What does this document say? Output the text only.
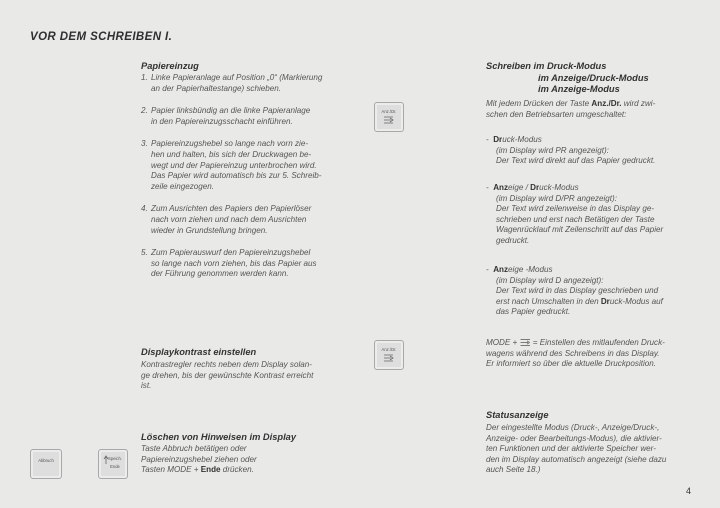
VOR DEM SCHREIBEN I.
Papiereinzug
1. Linke Papieranlage auf Position „0“ (Markierung
an der Papierhaltestange) schieben.
2. Papier linksbündig an die linke Papieranlage
in den Papiereinzugsschacht einführen.
3. Papiereinzugshebel so lange nach vorn zie-
hen und halten, bis sich der Druckwagen be-
wegt und der Papiereinzug unterbrochen wird.
Das Papier wird automatisch bis zur 5. Schreib-
zeile eingezogen.
4. Zum Ausrichten des Papiers den Papierlöser
nach vorn ziehen und nach dem Ausrichten
wieder in Grundstellung bringen.
5. Zum Papierauswurf den Papiereinzugshebel
so lange nach vorn ziehen, bis das Papier aus
der Führung genommen werden kann.
Displaykontrast einstellen
Kontrastregler rechts neben dem Display solan-
ge drehen, bis der gewünschte Kontrast erreicht
ist.
Löschen von Hinweisen im Display
Taste Abbruch betätigen oder
Papiereinzugshebel ziehen oder
Tasten MODE + Ende drücken.
Anz./Dr.
Anz./Dr.
Abbruch	Speich.
Ende
Schreiben im Druck-Modus
im Anzeige/Druck-Modus
im Anzeige-Modus
Mit jedem Drücken der Taste Anz./Dr. wird zwi-
schen den Betriebsarten umgeschaltet:
- Druck-Modus
(im Display wird PR angezeigt):
Der Text wird direkt auf das Papier gedruckt.
- Anzeige / Druck-Modus
(im Display wird D/PR angezeigt):
Der Text wird zeilenweise in das Display ge-
schrieben und erst nach Betätigen der Taste
Wagenrücklauf mit Zeilenschritt auf das Papier
gedruckt.
- Anzeige -Modus
(im Display wird D angezeigt):
Der Text wird in das Display geschrieben und
erst nach Umschalten in den Druck-Modus auf
das Papier gedruckt.
MODE +  = Einstellen des mitlaufenden Druck-
wagens während des Schreibens in das Display.
Er informiert so über die aktuelle Druckposition.
Statusanzeige
Der eingestellte Modus (Druck-, Anzeige/Druck-,
Anzeige- oder Bearbeitungs-Modus), die aktivier-
ten Funktionen und der aktivierte Speicher wer-
den im Display automatisch angezeigt (siehe dazu
auch Seite 18.)
4
